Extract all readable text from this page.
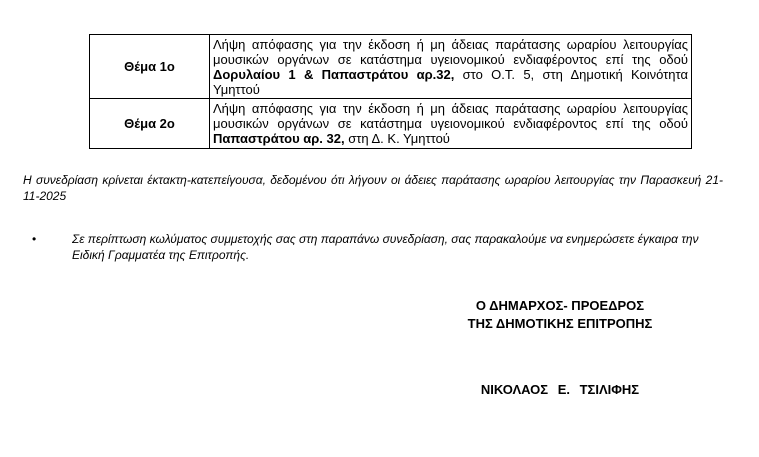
Θέμα 1ο	Λήψη απόφασης για την έκδοση ή μη άδειας παράτασης ωραρίου λειτουργίας μουσικών οργάνων σε κατάστημα υγειονομικού ενδιαφέροντος επί της οδού Δορυλαίου 1 & Παπαστράτου αρ.32, στο Ο.Τ. 5, στη Δημοτική Κοινότητα Υμηττού
Θέμα 2ο	Λήψη απόφασης για την έκδοση ή μη άδειας παράτασης ωραρίου λειτουργίας μουσικών οργάνων σε κατάστημα υγειονομικού ενδιαφέροντος επί της οδού Παπαστράτου αρ. 32, στη Δ. Κ. Υμηττού
Η συνεδρίαση κρίνεται έκτακτη-κατεπείγουσα, δεδομένου ότι λήγουν οι άδειες παράτασης ωραρίου λειτουργίας την Παρασκευή 21-11-2025
•	Σε περίπτωση κωλύματος συμμετοχής σας στη παραπάνω συνεδρίαση, σας παρακαλούμε να ενημερώσετε έγκαιρα την Ειδική Γραμματέα της Επιτροπής.
Ο ΔΗΜΑΡΧΟΣ- ΠΡΟΕΔΡΟΣ
ΤΗΣ ΔΗΜΟΤΙΚΗΣ ΕΠΙΤΡΟΠΗΣ
ΝΙΚΟΛΑΟΣ Ε. ΤΣΙΛΙΦΗΣ
